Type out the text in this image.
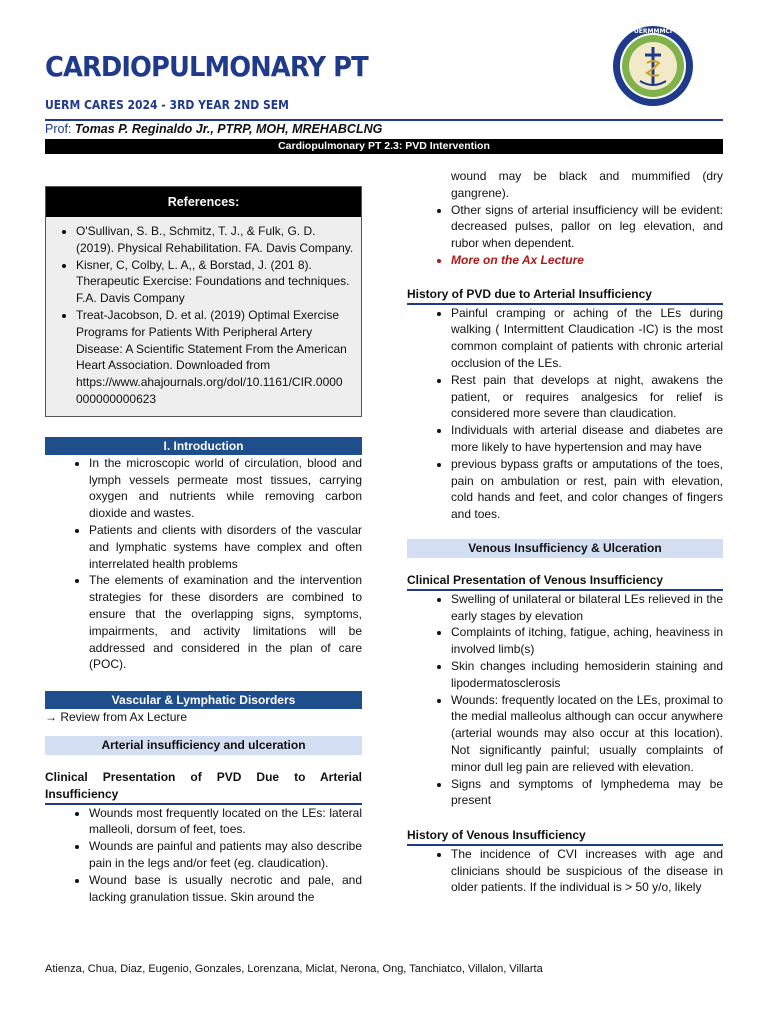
CARDIOPULMONARY PT
UERM CARES 2024 - 3RD YEAR 2ND SEM
UERMMMCI
Prof: Tomas P. Reginaldo Jr., PTRP, MOH, MREHABCLNG
Cardiopulmonary PT 2.3: PVD Intervention
References:
• O'Sullivan, S. B., Schmitz, T. J., & Fulk, G. D. (2019). Physical Rehabilitation. FA. Davis Company.
• Kisner, C, Colby, L. A,, & Borstad, J. (201 8). Therapeutic Exercise: Foundations and techniques. F.A. Davis Company
• Treat-Jacobson, D. et al. (2019) Optimal Exercise Programs for Patients With Peripheral Artery Disease: A Scientific Statement From the American Heart Association. Downloaded from https://www.ahajournals.org/dol/10.1161/CIR.0000 000000000623
I. Introduction
• In the microscopic world of circulation, blood and lymph vessels permeate most tissues, carrying oxygen and nutrients while removing carbon dioxide and wastes.
• Patients and clients with disorders of the vascular and lymphatic systems have complex and often interrelated health problems
• The elements of examination and the intervention strategies for these disorders are combined to ensure that the overlapping signs, symptoms, impairments, and activity limitations will be addressed and considered in the plan of care (POC).
Vascular & Lymphatic Disorders

→ Review from Ax Lecture

Arterial insufficiency and ulceration

Clinical Presentation of PVD Due to Arterial Insufficiency

• Wounds most frequently located on the LEs: lateral malleoli, dorsum of feet, toes.
• Wounds are painful and patients may also describe pain in the legs and/or feet (eg. claudication).
• Wound base is usually necrotic and pale, and lacking granulation tissue. Skin around the

wound may be black and mummified (dry gangrene).

• Other signs of arterial insufficiency will be evident: decreased pulses, pallor on leg elevation, and rubor when dependent.
• More on the Ax Lecture

History of PVD due to Arterial Insufficiency

• Painful cramping or aching of the LEs during walking ( Intermittent Claudication -IC) is the most common complaint of patients with chronic arterial occlusion of the LEs.
• Rest pain that develops at night, awakens the patient, or requires analgesics for relief is considered more severe than claudication.
• Individuals with arterial disease and diabetes are more likely to have hypertension and may have
• previous bypass grafts or amputations of the toes, pain on ambulation or rest, pain with elevation, cold hands and feet, and color changes of fingers and toes.
Venous Insufficiency & Ulceration

Clinical Presentation of Venous Insufficiency

• Swelling of unilateral or bilateral LEs relieved in the early stages by elevation
• Complaints of itching, fatigue, aching, heaviness in involved limb(s)
• Skin changes including hemosiderin staining and lipodermatosclerosis
• Wounds: frequently located on the LEs, proximal to the medial malleolus although can occur anywhere (arterial wounds may also occur at this location). Not significantly painful; usually complaints of minor dull leg pain are relieved with elevation.
• Signs and symptoms of lymphedema may be present

History of Venous Insufficiency

• The incidence of CVI increases with age and clinicians should be suspicious of the disease in older patients. If the individual is > 50 y/o, likely
Atienza, Chua, Diaz, Eugenio, Gonzales, Lorenzana, Miclat, Nerona, Ong, Tanchiatco, Villalon, Villarta
